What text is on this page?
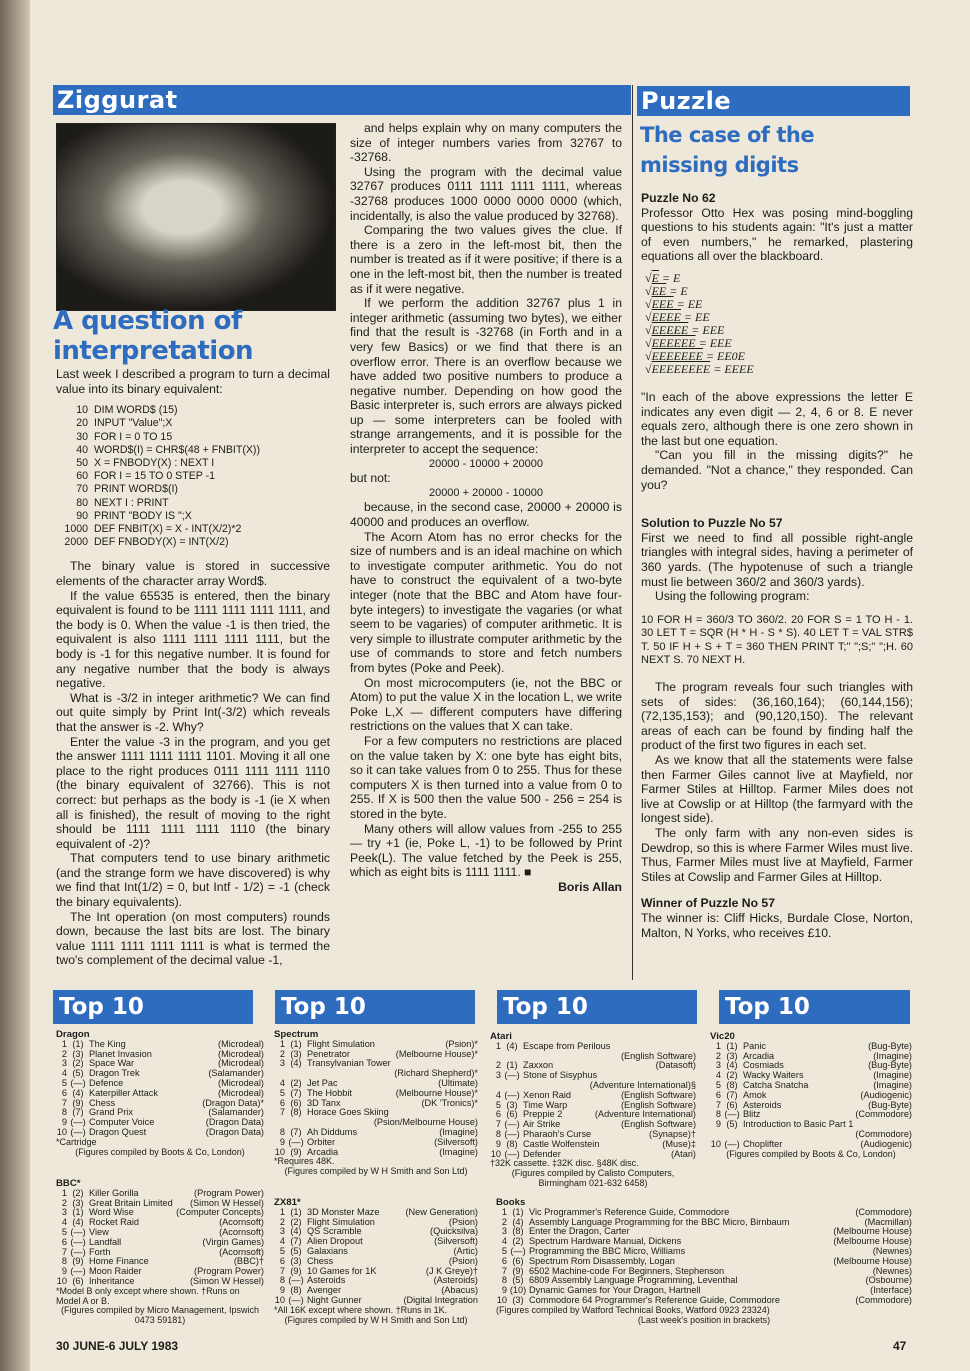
Ziggurat
A question of
interpretation

Last week I described a program to turn a decimal value into its binary equivalent:

10 DIM WORD$ (15)
20 INPUT "Value";X
30 FOR I = 0 TO 15
40 WORD$(I) = CHR$(48 + FNBIT(X))
50 X = FNBODY(X) : NEXT I
60 FOR I = 15 TO 0 STEP -1
70 PRINT WORD$(I)
80 NEXT I : PRINT
90 PRINT "BODY IS ";X
1000 DEF FNBIT(X) = X - INT(X/2)*2
2000 DEF FNBODY(X) = INT(X/2)

The binary value is stored in successive elements of the character array Word$.

If the value 65535 is entered, then the binary equivalent is found to be 1111 1111 1111 1111, and the body is 0. When the value -1 is then tried, the equivalent is also 1111 1111 1111 1111, but the body is -1 for this negative number. It is found for any negative number that the body is always negative.

What is -3/2 in integer arithmetic? We can find out quite simply by Print Int(-3/2) which reveals that the answer is -2. Why?

Enter the value -3 in the program, and you get the answer 1111 1111 1111 1101. Moving it all one place to the right produces 0111 1111 1111 1110 (the binary equivalent of 32766). This is not correct: but perhaps as the body is -1 (ie X when all is finished), the result of moving to the right should be 1111 1111 1111 1110 (the binary equivalent of -2)?

That computers tend to use binary arithmetic (and the strange form we have discovered) is why we find that Int(1/2) = 0, but Intf - 1/2) = -1 (check the binary equivalents).

The Int operation (on most computers) rounds down, because the last bits are lost. The binary value 1111 1111 1111 1111 is what is termed the two's complement of the decimal value -1,

and helps explain why on many computers the size of integer numbers varies from 32767 to -32768.

Using the program with the decimal value 32767 produces 0111 1111 1111 1111, whereas -32768 produces 1000 0000 0000 0000 (which, incidentally, is also the value produced by 32768).

Comparing the two values gives the clue. If there is a zero in the left-most bit, then the number is treated as if it were positive; if there is a one in the left-most bit, then the number is treated as if it were negative.

If we perform the addition 32767 plus 1 in integer arithmetic (assuming two bytes), we either find that the result is -32768 (in Forth and in a very few Basics) or we find that there is an overflow error. There is an overflow because we have added two positive numbers to produce a negative number. Depending on how good the Basic interpreter is, such errors are always picked up — some interpreters can be fooled with strange arrangements, and it is possible for the interpreter to accept the sequence:

20000 - 10000 + 20000

but not:

20000 + 20000 - 10000

because, in the second case, 20000 + 20000 is 40000 and produces an overflow.

The Acorn Atom has no error checks for the size of numbers and is an ideal machine on which to investigate computer arithmetic. You do not have to construct the equivalent of a two-byte integer (note that the BBC and Atom have four-byte integers) to investigate the vagaries (or what seem to be vagaries) of computer arithmetic. It is very simple to illustrate computer arithmetic by the use of commands to store and fetch numbers from bytes (Poke and Peek).

On most microcomputers (ie, not the BBC or Atom) to put the value X in the location L, we write Poke L,X — different computers have differing restrictions on the values that X can take.

For a few computers no restrictions are placed on the value taken by X: one byte has eight bits, so it can take values from 0 to 255. Thus for these computers X is then turned into a value from 0 to 255. If X is 500 then the value 500 - 256 = 254 is stored in the byte.

Many others will allow values from -255 to 255 — try +1 (ie, Poke L, -1) to be followed by Print Peek(L). The value fetched by the Peek is 255, which as eight bits is 1111 1111. ■

Boris Allan
Puzzle
The case of the
missing digits

Puzzle No 62

Professor Otto Hex was posing mind-boggling questions to his students again: "It's just a matter of even numbers," he remarked, plastering equations all over the blackboard.

√E = E
√EE = E
√EEE = EE
√EEEE = EE
√EEEEE = EEE
√EEEEEE = EEE
√EEEEEEE = EE0E
√EEEEEEEE = EEEE

"In each of the above expressions the letter E indicates any even digit — 2, 4, 6 or 8. E never equals zero, although there is one zero shown in the last but one equation.

"Can you fill in the missing digits?" he demanded. "Not a chance," they responded. Can you?

Solution to Puzzle No 57

First we need to find all possible right-angle triangles with integral sides, having a perimeter of 360 yards. (The hypotenuse of such a triangle must lie between 360/2 and 360/3 yards).

Using the following program:

10 FOR H = 360/3 TO 360/2. 20 FOR S = 1 TO H - 1. 30 LET T = SQR (H * H - S * S). 40 LET T = VAL STR$ T. 50 IF H + S + T = 360 THEN PRINT T;" ";S;" ";H. 60 NEXT S. 70 NEXT H.

The program reveals four such triangles with sets of sides: (36,160,164); (60,144,156); (72,135,153); and (90,120,150). The relevant areas of each can be found by finding half the product of the first two figures in each set.

As we know that all the statements were false then Farmer Giles cannot live at Mayfield, nor Farmer Stiles at Hilltop. Farmer Miles does not live at Cowslip or at Hilltop (the farmyard with the longest side).

The only farm with any non-even sides is Dewdrop, so this is where Farmer Wiles must live. Thus, Farmer Miles must live at Mayfield, Farmer Stiles at Cowslip and Farmer Giles at Hilltop.

Winner of Puzzle No 57

The winner is: Cliff Hicks, Burdale Close, Norton, Malton, N Yorks, who receives £10.

Top 10	Top 10	Top 10	Top 10
Dragon
1 (1) The King	(Microdeal)
2 (3) Planet Invasion	(Microdeal)
3 (2) Space War	(Microdeal)
4 (5) Dragon Trek	(Salamander)
5 (—) Defence	(Microdeal)
6 (4) Katerpiller Attack	(Microdeal)
7 (9) Chess	(Dragon Data)*
8 (7) Grand Prix	(Salamander)
9 (—) Computer Voice	(Dragon Data)
10 (—) Dragon Quest	(Dragon Data)
*Cartridge
(Figures compiled by Boots & Co, London)
BBC*
1 (2) Killer Gorilla	(Program Power)
2 (3) Great Britain Limited	(Simon W Hessel)
3 (1) Word Wise	(Computer Concepts)
4 (4) Rocket Raid	(Acornsoft)
5 (—) View	(Acornsoft)
6 (—) Landfall	(Virgin Games)
7 (—) Forth	(Acornsoft)
8 (9) Home Finance	(BBC)†
9 (—) Moon Raider	(Program Power)
10 (6) Inheritance	(Simon W Hessel)
*Model B only except where shown. †Runs on Model A or B.
(Figures compiled by Micro Management, Ipswich 0473 59181)
Spectrum
1 (1) Flight Simulation	(Psion)*
2 (3) Penetrator	(Melbourne House)*
3 (4) Transylvanian Tower
(Richard Shepherd)*
4 (2) Jet Pac	(Ultimate)
5 (7) The Hobbit	(Melbourne House)*
6 (6) 3D Tanx	(DK 'Tronics)*
7 (8) Horace Goes Skiing
(Psion/Melbourne House)
8 (7) Ah Diddums	(Imagine)
9 (—) Orbiter	(Silversoft)
10 (9) Arcadia	(Imagine)
*Requires 48K.
(Figures compiled by W H Smith and Son Ltd)
ZX81*
1 (1) 3D Monster Maze	(New Generation)
2 (2) Flight Simulation	(Psion)
3 (4) QS Scramble	(Quicksilva)
4 (7) Alien Dropout	(Silversoft)
5 (5) Galaxians	(Artic)
6 (3) Chess	(Psion)
7 (9) 10 Games for 1K	(J K Greye)†
8 (—) Asteroids	(Asteroids)
9 (8) Avenger	(Abacus)
10 (—) Night Gunner	(Digital Integration
*All 16K except where shown. †Runs in 1K.
(Figures compiled by W H Smith and Son Ltd)
Atari
1 (4) Escape from Perilous
(English Software)
2 (1) Zaxxon	(Datasoft)
3 (—) Stone of Sisyphus
(Adventure International)§
4 (—) Xenon Raid	(English Software)
5 (3) Time Warp	(English Software)
6 (6) Preppie 2	(Adventure International)
7 (—) Air Strike	(English Software)
8 (—) Pharaoh's Curse	(Synapse)†
9 (8) Castle Wolfenstein	(Muse)‡
10 (—) Defender	(Atari)
†32K cassette. ‡32K disc. §48K disc.
(Figures compiled by Calisto Computers, Birmingham 021-632 6458)
Vic20
1 (1) Panic	(Bug-Byte)
2 (3) Arcadia	(Imagine)
3 (4) Cosmiads	(Bug-Byte)
4 (2) Wacky Waiters	(Imagine)
5 (8) Catcha Snatcha	(Imagine)
6 (7) Amok	(Audiogenic)
7 (6) Asteroids	(Bug-Byte)
8 (—) Blitz	(Commodore)
9 (5) Introduction to Basic Part 1
(Commodore)
10 (—) Choplifter	(Audiogenic)
(Figures compiled by Boots & Co, London)
Books
1 (1) Vic Programmer's Reference Guide, Commodore	(Commodore)
2 (4) Assembly Language Programming for the BBC Micro, Birnbaum	(Macmillan)
3 (8) Enter the Dragon, Carter	(Melbourne House)
4 (2) Spectrum Hardware Manual, Dickens	(Melbourne House)
5 (—) Programming the BBC Micro, Williams	(Newnes)
6 (6) Spectrum Rom Disassembly, Logan	(Melbourne House)
7 (9) 6502 Machine-code For Beginners, Stephenson	(Newnes)
8 (5) 6809 Assembly Language Programming, Leventhal	(Osbourne)
9 (10) Dynamic Games for Your Dragon, Hartnell	(Interface)
10 (3) Commodore 64 Programmer's Reference Guide, Commodore	(Commodore)
(Figures compiled by Watford Technical Books, Watford 0923 23324)
(Last week's position in brackets)
30 JUNE-6 JULY 1983	47
